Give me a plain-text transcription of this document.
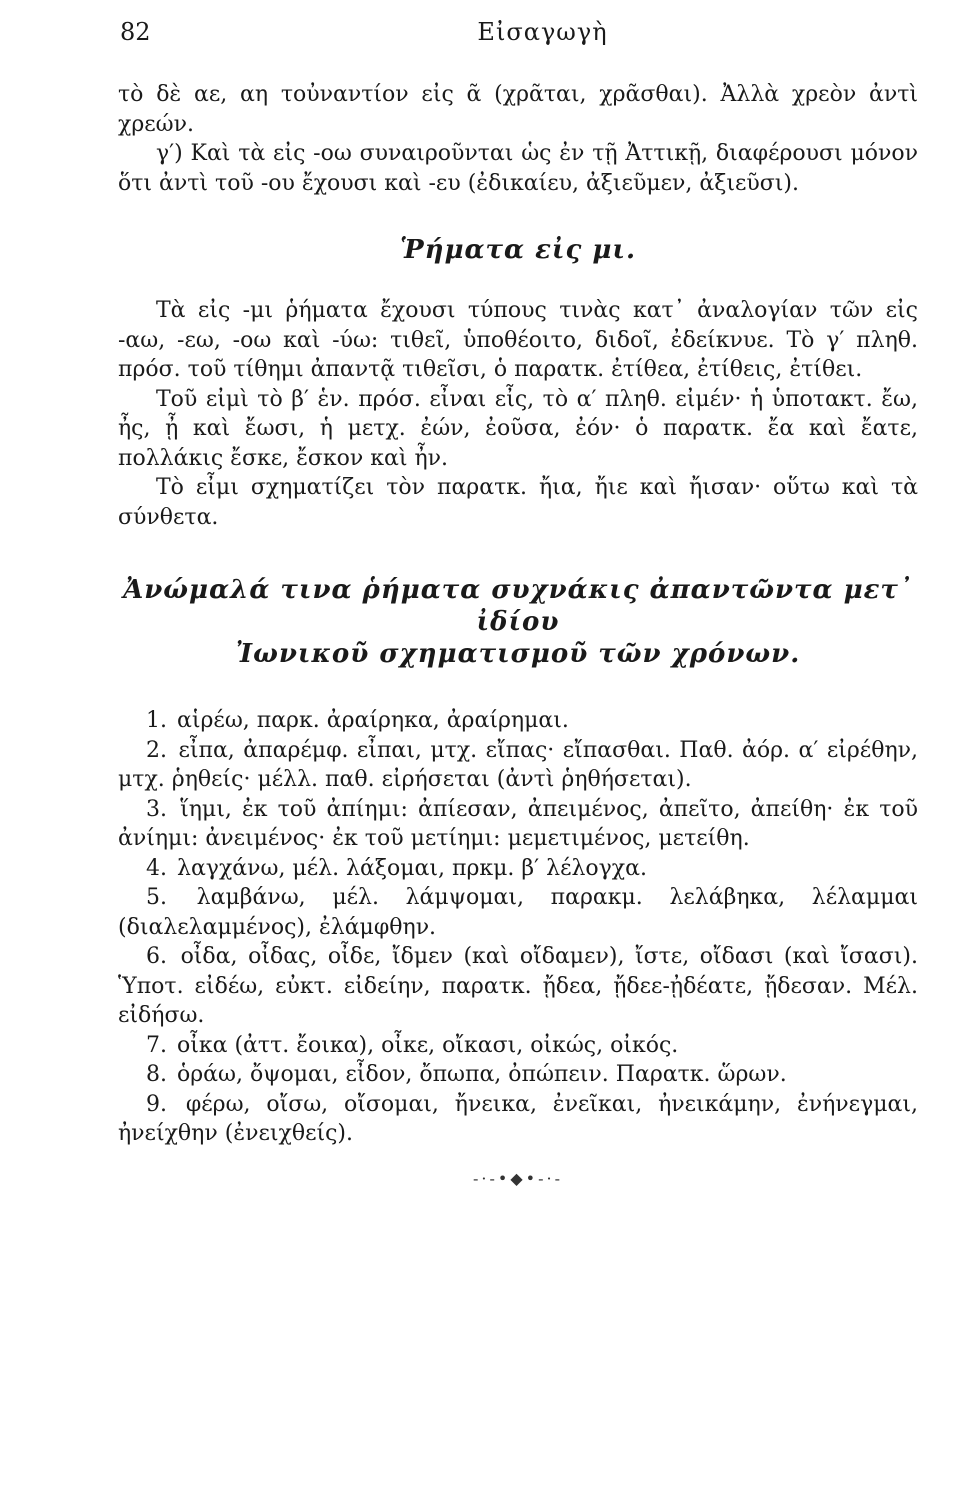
82	Εἰσαγωγὴ

τὸ δὲ αε, αη τοὐναντίον εἰς ᾶ (χρᾶται, χρᾶσθαι). Ἀλλὰ χρεὸν ἀντὶ χρεών.

γ′) Καὶ τὰ εἰς -οω συναιροῦνται ὡς ἐν τῇ Ἀττικῇ, διαφέρουσι μόνον ὅτι ἀντὶ τοῦ -ου ἔχουσι καὶ -ευ (ἐδικαίευ, ἀξιεῦμεν, ἀξιεῦσι).

Ῥήματα εἰς μι.

Τὰ εἰς -μι ῥήματα ἔχουσι τύπους τινὰς κατ᾽ ἀναλογίαν τῶν εἰς -αω, -εω, -οω καὶ -ύω: τιθεῖ, ὑποθέοιτο, διδοῖ, ἐδείκνυε. Τὸ γ′ πληθ. πρόσ. τοῦ τίθημι ἀπαντᾷ τιθεῖσι, ὁ παρατκ. ἐτίθεα, ἐτίθεις, ἐτίθει.

Τοῦ εἰμὶ τὸ β′ ἑν. πρόσ. εἶναι εἶς, τὸ α′ πληθ. εἰμέν· ἡ ὑποτακτ. ἔω, ἦς, ᾖ καὶ ἔωσι, ἡ μετχ. ἐών, ἐοῦσα, ἐόν· ὁ παρατκ. ἔα καὶ ἔατε, πολλάκις ἔσκε, ἔσκον καὶ ἦν.

Τὸ εἶμι σχηματίζει τὸν παρατκ. ἤια, ἤιε καὶ ἤισαν· οὕτω καὶ τὰ σύνθετα.

Ἀνώμαλά τινα ῥήματα συχνάκις ἀπαντῶντα μετ᾽ ἰδίου
Ἰωνικοῦ σχηματισμοῦ τῶν χρόνων.

1. αἱρέω, παρκ. ἀραίρηκα, ἀραίρημαι.

2. εἶπα, ἀπαρέμφ. εἶπαι, μτχ. εἴπας· εἴπασθαι. Παθ. ἀόρ. α′ εἰρέθην, μτχ. ῥηθείς· μέλλ. παθ. εἰρήσεται (ἀντὶ ῥηθήσεται).

3. ἵημι, ἐκ τοῦ ἀπίημι: ἀπίεσαν, ἀπειμένος, ἀπεῖτο, ἀπείθη· ἐκ τοῦ ἀνίημι: ἀνειμένος· ἐκ τοῦ μετίημι: μεμετιμένος, μετείθη.

4. λαγχάνω, μέλ. λάξομαι, πρκμ. β′ λέλογχα.

5. λαμβάνω, μέλ. λάμψομαι, παρακμ. λελάβηκα, λέλαμμαι (διαλελαμμένος), ἐλάμφθην.

6. οἶδα, οἶδας, οἶδε, ἴδμεν (καὶ οἴδαμεν), ἴστε, οἴδασι (καὶ ἴσασι). Ὑποτ. εἰδέω, εὐκτ. εἰδείην, παρατκ. ᾔδεα, ᾔδεε-ᾐδέατε, ᾔδεσαν. Μέλ. εἰδήσω.

7. οἶκα (ἀττ. ἔοικα), οἶκε, οἴκασι, οἰκώς, οἰκός.

8. ὁράω, ὄψομαι, εἶδον, ὄπωπα, ὀπώπειν. Παρατκ. ὥρων.

9. φέρω, οἴσω, οἴσομαι, ἤνεικα, ἐνεῖκαι, ἠνεικάμην, ἐνήνεγμαι, ἠνείχθην (ἐνειχθείς).

-·-•◆•-·-
